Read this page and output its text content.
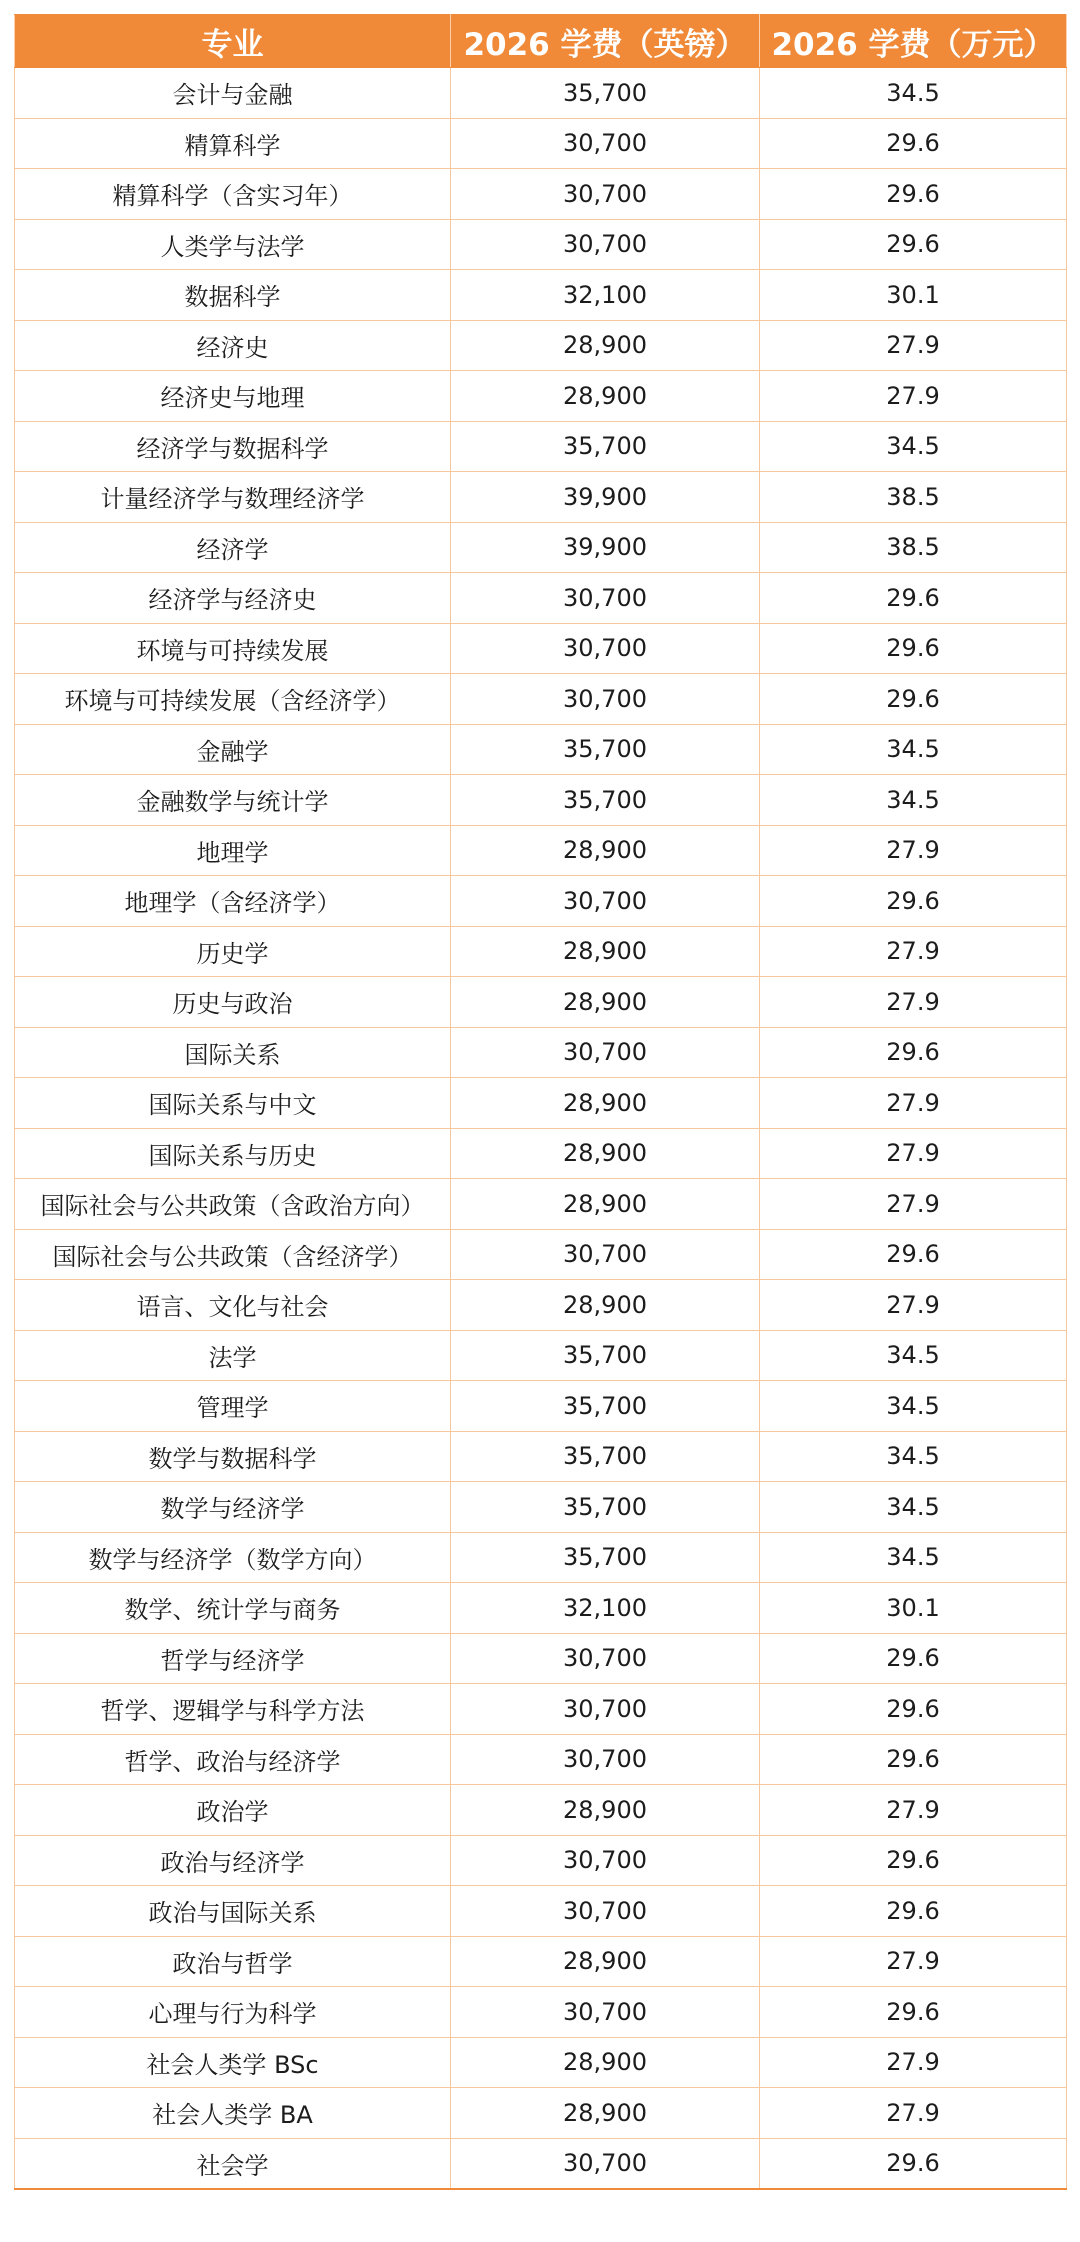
专业	2026 学费（英镑）	2026 学费（万元）
会计与金融	35,700	34.5
精算科学	30,700	29.6
精算科学（含实习年）	30,700	29.6
人类学与法学	30,700	29.6
数据科学	32,100	30.1
经济史	28,900	27.9
经济史与地理	28,900	27.9
经济学与数据科学	35,700	34.5
计量经济学与数理经济学	39,900	38.5
经济学	39,900	38.5
经济学与经济史	30,700	29.6
环境与可持续发展	30,700	29.6
环境与可持续发展（含经济学）	30,700	29.6
金融学	35,700	34.5
金融数学与统计学	35,700	34.5
地理学	28,900	27.9
地理学（含经济学）	30,700	29.6
历史学	28,900	27.9
历史与政治	28,900	27.9
国际关系	30,700	29.6
国际关系与中文	28,900	27.9
国际关系与历史	28,900	27.9
国际社会与公共政策（含政治方向）	28,900	27.9
国际社会与公共政策（含经济学）	30,700	29.6
语言、文化与社会	28,900	27.9
法学	35,700	34.5
管理学	35,700	34.5
数学与数据科学	35,700	34.5
数学与经济学	35,700	34.5
数学与经济学（数学方向）	35,700	34.5
数学、统计学与商务	32,100	30.1
哲学与经济学	30,700	29.6
哲学、逻辑学与科学方法	30,700	29.6
哲学、政治与经济学	30,700	29.6
政治学	28,900	27.9
政治与经济学	30,700	29.6
政治与国际关系	30,700	29.6
政治与哲学	28,900	27.9
心理与行为科学	30,700	29.6
社会人类学 BSc	28,900	27.9
社会人类学 BA	28,900	27.9
社会学	30,700	29.6
